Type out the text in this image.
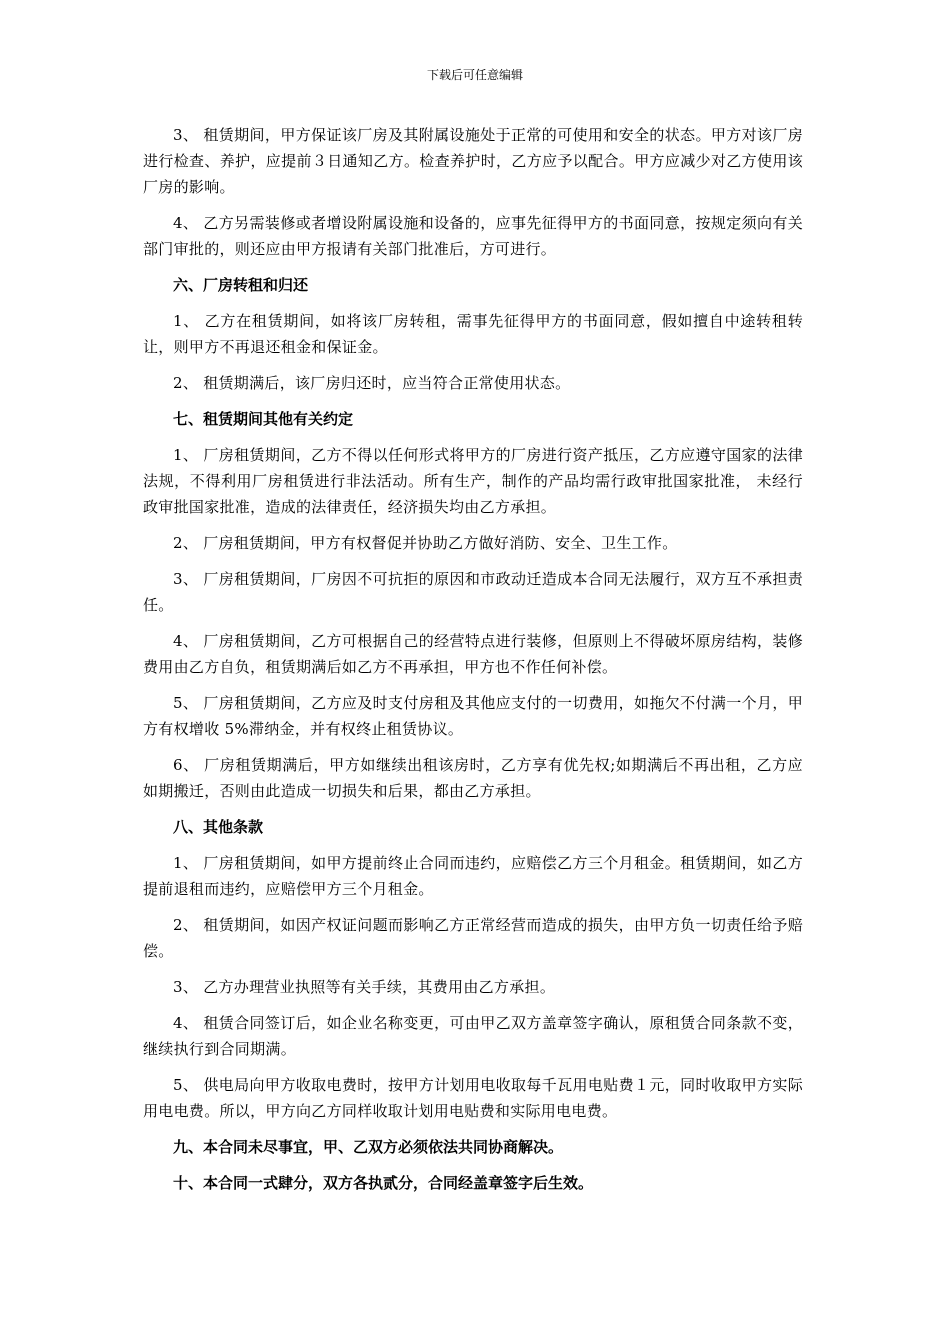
下载后可任意编辑

3、 租赁期间，甲方保证该厂房及其附属设施处于正常的可使用和安全的状态。甲方对该厂房进行检查、养护，应提前３日通知乙方。检查养护时，乙方应予以配合。甲方应减少对乙方使用该厂房的影响。

4、 乙方另需装修或者增设附属设施和设备的，应事先征得甲方的书面同意，按规定须向有关部门审批的，则还应由甲方报请有关部门批准后，方可进行。

六、厂房转租和归还

1、 乙方在租赁期间，如将该厂房转租，需事先征得甲方的书面同意，假如擅自中途转租转让，则甲方不再退还租金和保证金。

2、 租赁期满后，该厂房归还时，应当符合正常使用状态。

七、租赁期间其他有关约定

1、 厂房租赁期间，乙方不得以任何形式将甲方的厂房进行资产抵压，乙方应遵守国家的法律法规，不得利用厂房租赁进行非法活动。所有生产，制作的产品均需行政审批国家批准， 未经行政审批国家批准，造成的法律责任，经济损失均由乙方承担。

2、 厂房租赁期间，甲方有权督促并协助乙方做好消防、安全、卫生工作。

3、 厂房租赁期间，厂房因不可抗拒的原因和市政动迁造成本合同无法履行，双方互不承担责任。

4、 厂房租赁期间，乙方可根据自己的经营特点进行装修，但原则上不得破坏原房结构，装修费用由乙方自负，租赁期满后如乙方不再承担，甲方也不作任何补偿。

5、 厂房租赁期间，乙方应及时支付房租及其他应支付的一切费用，如拖欠不付满一个月，甲方有权增收 5%滞纳金，并有权终止租赁协议。

6、 厂房租赁期满后，甲方如继续出租该房时，乙方享有优先权;如期满后不再出租，乙方应如期搬迁，否则由此造成一切损失和后果，都由乙方承担。

八、其他条款

1、 厂房租赁期间，如甲方提前终止合同而违约，应赔偿乙方三个月租金。租赁期间，如乙方提前退租而违约，应赔偿甲方三个月租金。

2、 租赁期间，如因产权证问题而影响乙方正常经营而造成的损失，由甲方负一切责任给予赔偿。

3、 乙方办理营业执照等有关手续，其费用由乙方承担。

4、 租赁合同签订后，如企业名称变更，可由甲乙双方盖章签字确认，原租赁合同条款不变，继续执行到合同期满。

5、 供电局向甲方收取电费时，按甲方计划用电收取每千瓦用电贴费１元，同时收取甲方实际用电电费。所以，甲方向乙方同样收取计划用电贴费和实际用电电费。

九、本合同未尽事宜，甲、乙双方必须依法共同协商解决。

十、本合同一式肆分，双方各执贰分，合同经盖章签字后生效。
